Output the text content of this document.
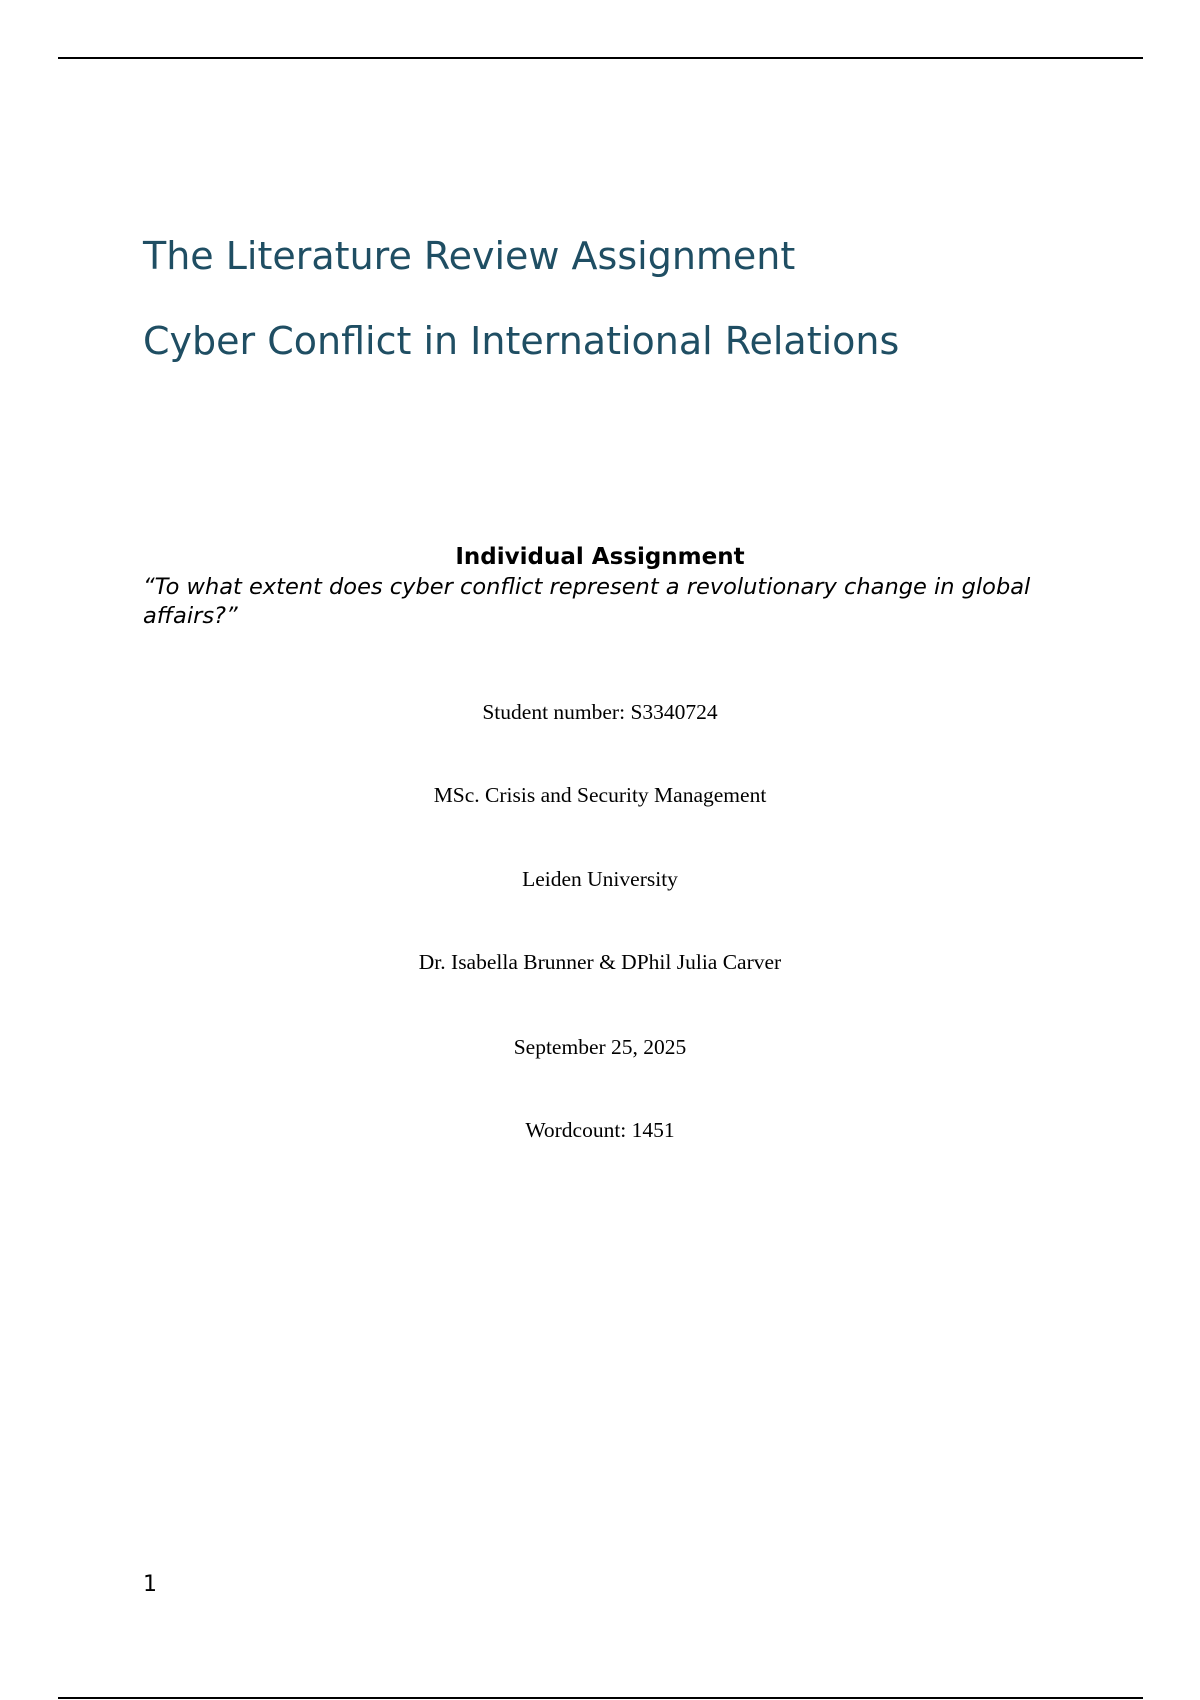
The Literature Review Assignment
Cyber Conflict in International Relations
Individual Assignment
“To what extent does cyber conflict represent a revolutionary change in global affairs?”
Student number: S3340724
MSc. Crisis and Security Management
Leiden University
Dr. Isabella Brunner & DPhil Julia Carver
September 25, 2025
Wordcount: 1451
1
